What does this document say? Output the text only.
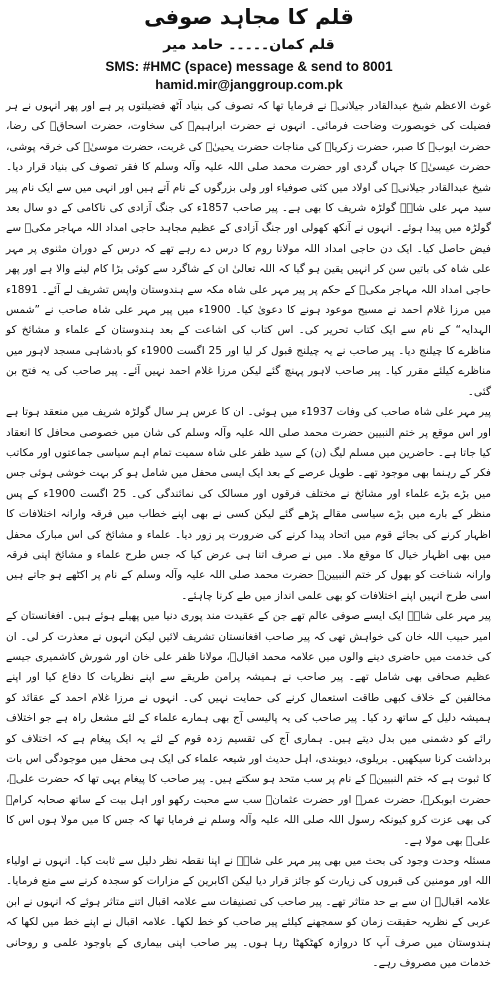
قلم کا مجاہد صوفی
قلم کمان۔۔۔۔۔ حامد میر
SMS: #HMC (space) message & send to 8001
hamid.mir@janggroup.com.pk

غوث الاعظم شیخ عبدالقادر جیلانیؒ نے فرمایا تھا کہ تصوف کی بنیاد آٹھ فضیلتوں پر ہے اور پھر انہوں نے ہر فضیلت کی خوبصورت وضاحت فرمائی۔ انہوں نے حضرت ابراہیمؑ کی سخاوت، حضرت اسحاقؑ کی رضا، حضرت ایوبؑ کا صبر، حضرت زکریاؑ کی مناجات حضرت یحییٰؑ کی غربت، حضرت موسیٰؑ کی خرقہ پوشی، حضرت عیسیٰؑ کا جہاں گردی اور حضرت محمد صلی اللہ علیہ وآلہ وسلم کا فقر تصوف کی بنیاد قرار دیا۔ شیخ عبدالقادر جیلانیؒ کی اولاد میں کئی صوفیاء اور ولی بزرگوں کے نام آتے ہیں اور انہی میں سے ایک نام پیر سید مہر علی شاہؒ گولڑہ شریف کا بھی ہے۔ پیر صاحب 1857ء کی جنگ آزادی کی ناکامی کے دو سال بعد گولڑہ میں پیدا ہوئے۔ انہوں نے آنکھ کھولی اور جنگ آزادی کے عظیم مجاہد حاجی امداد اللہ مہاجر مکیؒ سے فیض حاصل کیا۔ ایک دن حاجی امداد اللہ مولانا روم کا درس دے رہے تھے کہ درس کے دوران مثنوی پر مہر علی شاہ کی باتیں سن کر انہیں یقین ہو گیا کہ اللہ تعالیٰ ان کے شاگرد سے کوئی بڑا کام لینے والا ہے اور پھر حاجی امداد اللہ مہاجر مکیؒ کے حکم پر پیر مہر علی شاہ مکہ سے ہندوستان واپس تشریف لے آئے۔ 1891ء میں مرزا غلام احمد نے مسیح موعود ہونے کا دعویٰ کیا۔ 1900ء میں پیر مہر علی شاہ صاحب نے ”شمس الہدایہ“ کے نام سے ایک کتاب تحریر کی۔ اس کتاب کی اشاعت کے بعد ہندوستان کے علماء و مشائخ کو مناظرے کا چیلنج دیا۔ پیر صاحب نے یہ چیلنج قبول کر لیا اور 25 اگست 1900ء کو بادشاہی مسجد لاہور میں مناظرے کیلئے مقرر کیا۔ پیر صاحب لاہور پہنچ گئے لیکن مرزا غلام احمد نہیں آئے۔ پیر صاحب کی یہ فتح بن گئی۔

پیر مہر علی شاہ صاحب کی وفات 1937ء میں ہوئی۔ ان کا عرس ہر سال گولڑہ شریف میں منعقد ہوتا ہے اور اس موقع پر ختم النبیین حضرت محمد صلی اللہ علیہ وآلہ وسلم کی شان میں خصوصی محافل کا انعقاد کیا جاتا ہے۔ حاضرین میں مسلم لیگ (ن) کے سید ظفر علی شاہ سمیت تمام اہم سیاسی جماعتوں اور مکاتب فکر کے رہنما بھی موجود تھے۔ طویل عرصے کے بعد ایک ایسی محفل میں شامل ہو کر بہت خوشی ہوئی جس میں بڑے بڑے علماء اور مشائخ نے مختلف فرقوں اور مسالک کی نمائندگی کی۔ 25 اگست 1900ء کے پس منظر کے بارے میں بڑے سیاسی مقالے پڑھے گئے لیکن کسی نے بھی اپنے خطاب میں فرقہ وارانہ اختلافات کا اظہار کرنے کی بجائے قوم میں اتحاد پیدا کرنے کی ضرورت پر زور دیا۔ علماء و مشائخ کی اس مبارک محفل میں بھی اظہار خیال کا موقع ملا۔ میں نے صرف اتنا ہی عرض کیا کہ جس طرح علماء و مشائخ اپنی فرقہ وارانہ شناخت کو بھول کر ختم النبیینؐ حضرت محمد صلی اللہ علیہ وآلہ وسلم کے نام پر اکٹھے ہو جاتے ہیں اسی طرح انہیں اپنے اختلافات کو بھی علمی انداز میں طے کرنا چاہئے۔

پیر مہر علی شاہؒ ایک ایسے صوفی عالم تھے جن کے عقیدت مند پوری دنیا میں پھیلے ہوئے ہیں۔ افغانستان کے امیر حبیب اللہ خان کی خواہش تھی کہ پیر صاحب افغانستان تشریف لائیں لیکن انہوں نے معذرت کر لی۔ ان کی خدمت میں حاضری دینے والوں میں علامہ محمد اقبالؒ، مولانا ظفر علی خان اور شورش کاشمیری جیسے عظیم صحافی بھی شامل تھے۔ پیر صاحب نے ہمیشہ پرامن طریقے سے اپنے نظریات کا دفاع کیا اور اپنے مخالفین کے خلاف کبھی طاقت استعمال کرنے کی حمایت نہیں کی۔ انہوں نے مرزا غلام احمد کے عقائد کو ہمیشہ دلیل کے ساتھ رد کیا۔ پیر صاحب کی یہ پالیسی آج بھی ہمارے علماء کے لئے مشعل راہ ہے جو اختلاف رائے کو دشمنی میں بدل دیتے ہیں۔ ہماری آج کی تقسیم زدہ قوم کے لئے یہ ایک پیغام ہے کہ اختلاف کو برداشت کرنا سیکھیں۔ بریلوی، دیوبندی، اہل حدیث اور شیعہ علماء کی ایک ہی محفل میں موجودگی اس بات کا ثبوت ہے کہ ختم النبیینؐ کے نام پر سب متحد ہو سکتے ہیں۔ پیر صاحب کا پیغام یہی تھا کہ حضرت علیؓ، حضرت ابوبکرؓ، حضرت عمرؓ اور حضرت عثمانؓ سب سے محبت رکھو اور اہل بیت کے ساتھ صحابہ کرامؓ کی بھی عزت کرو کیونکہ رسول اللہ صلی اللہ علیہ وآلہ وسلم نے فرمایا تھا کہ جس کا میں مولا ہوں اس کا علیؓ بھی مولا ہے۔

مسئلہ وحدت وجود کی بحث میں بھی پیر مہر علی شاہؒ نے اپنا نقطہ نظر دلیل سے ثابت کیا۔ انہوں نے اولیاء اللہ اور مومنین کی قبروں کی زیارت کو جائز قرار دیا لیکن اکابرین کے مزارات کو سجدہ کرنے سے منع فرمایا۔ علامہ اقبالؒ ان سے بے حد متاثر تھے۔ پیر صاحب کی تصنیفات سے علامہ اقبال اتنے متاثر ہوئے کہ انہوں نے ابن عربی کے نظریہ حقیقت زمان کو سمجھنے کیلئے پیر صاحب کو خط لکھا۔ علامہ اقبال نے اپنے خط میں لکھا کہ ہندوستان میں صرف آپ کا دروازہ کھٹکھٹا رہا ہوں۔ پیر صاحب اپنی بیماری کے باوجود علمی و روحانی خدمات میں مصروف رہے۔
